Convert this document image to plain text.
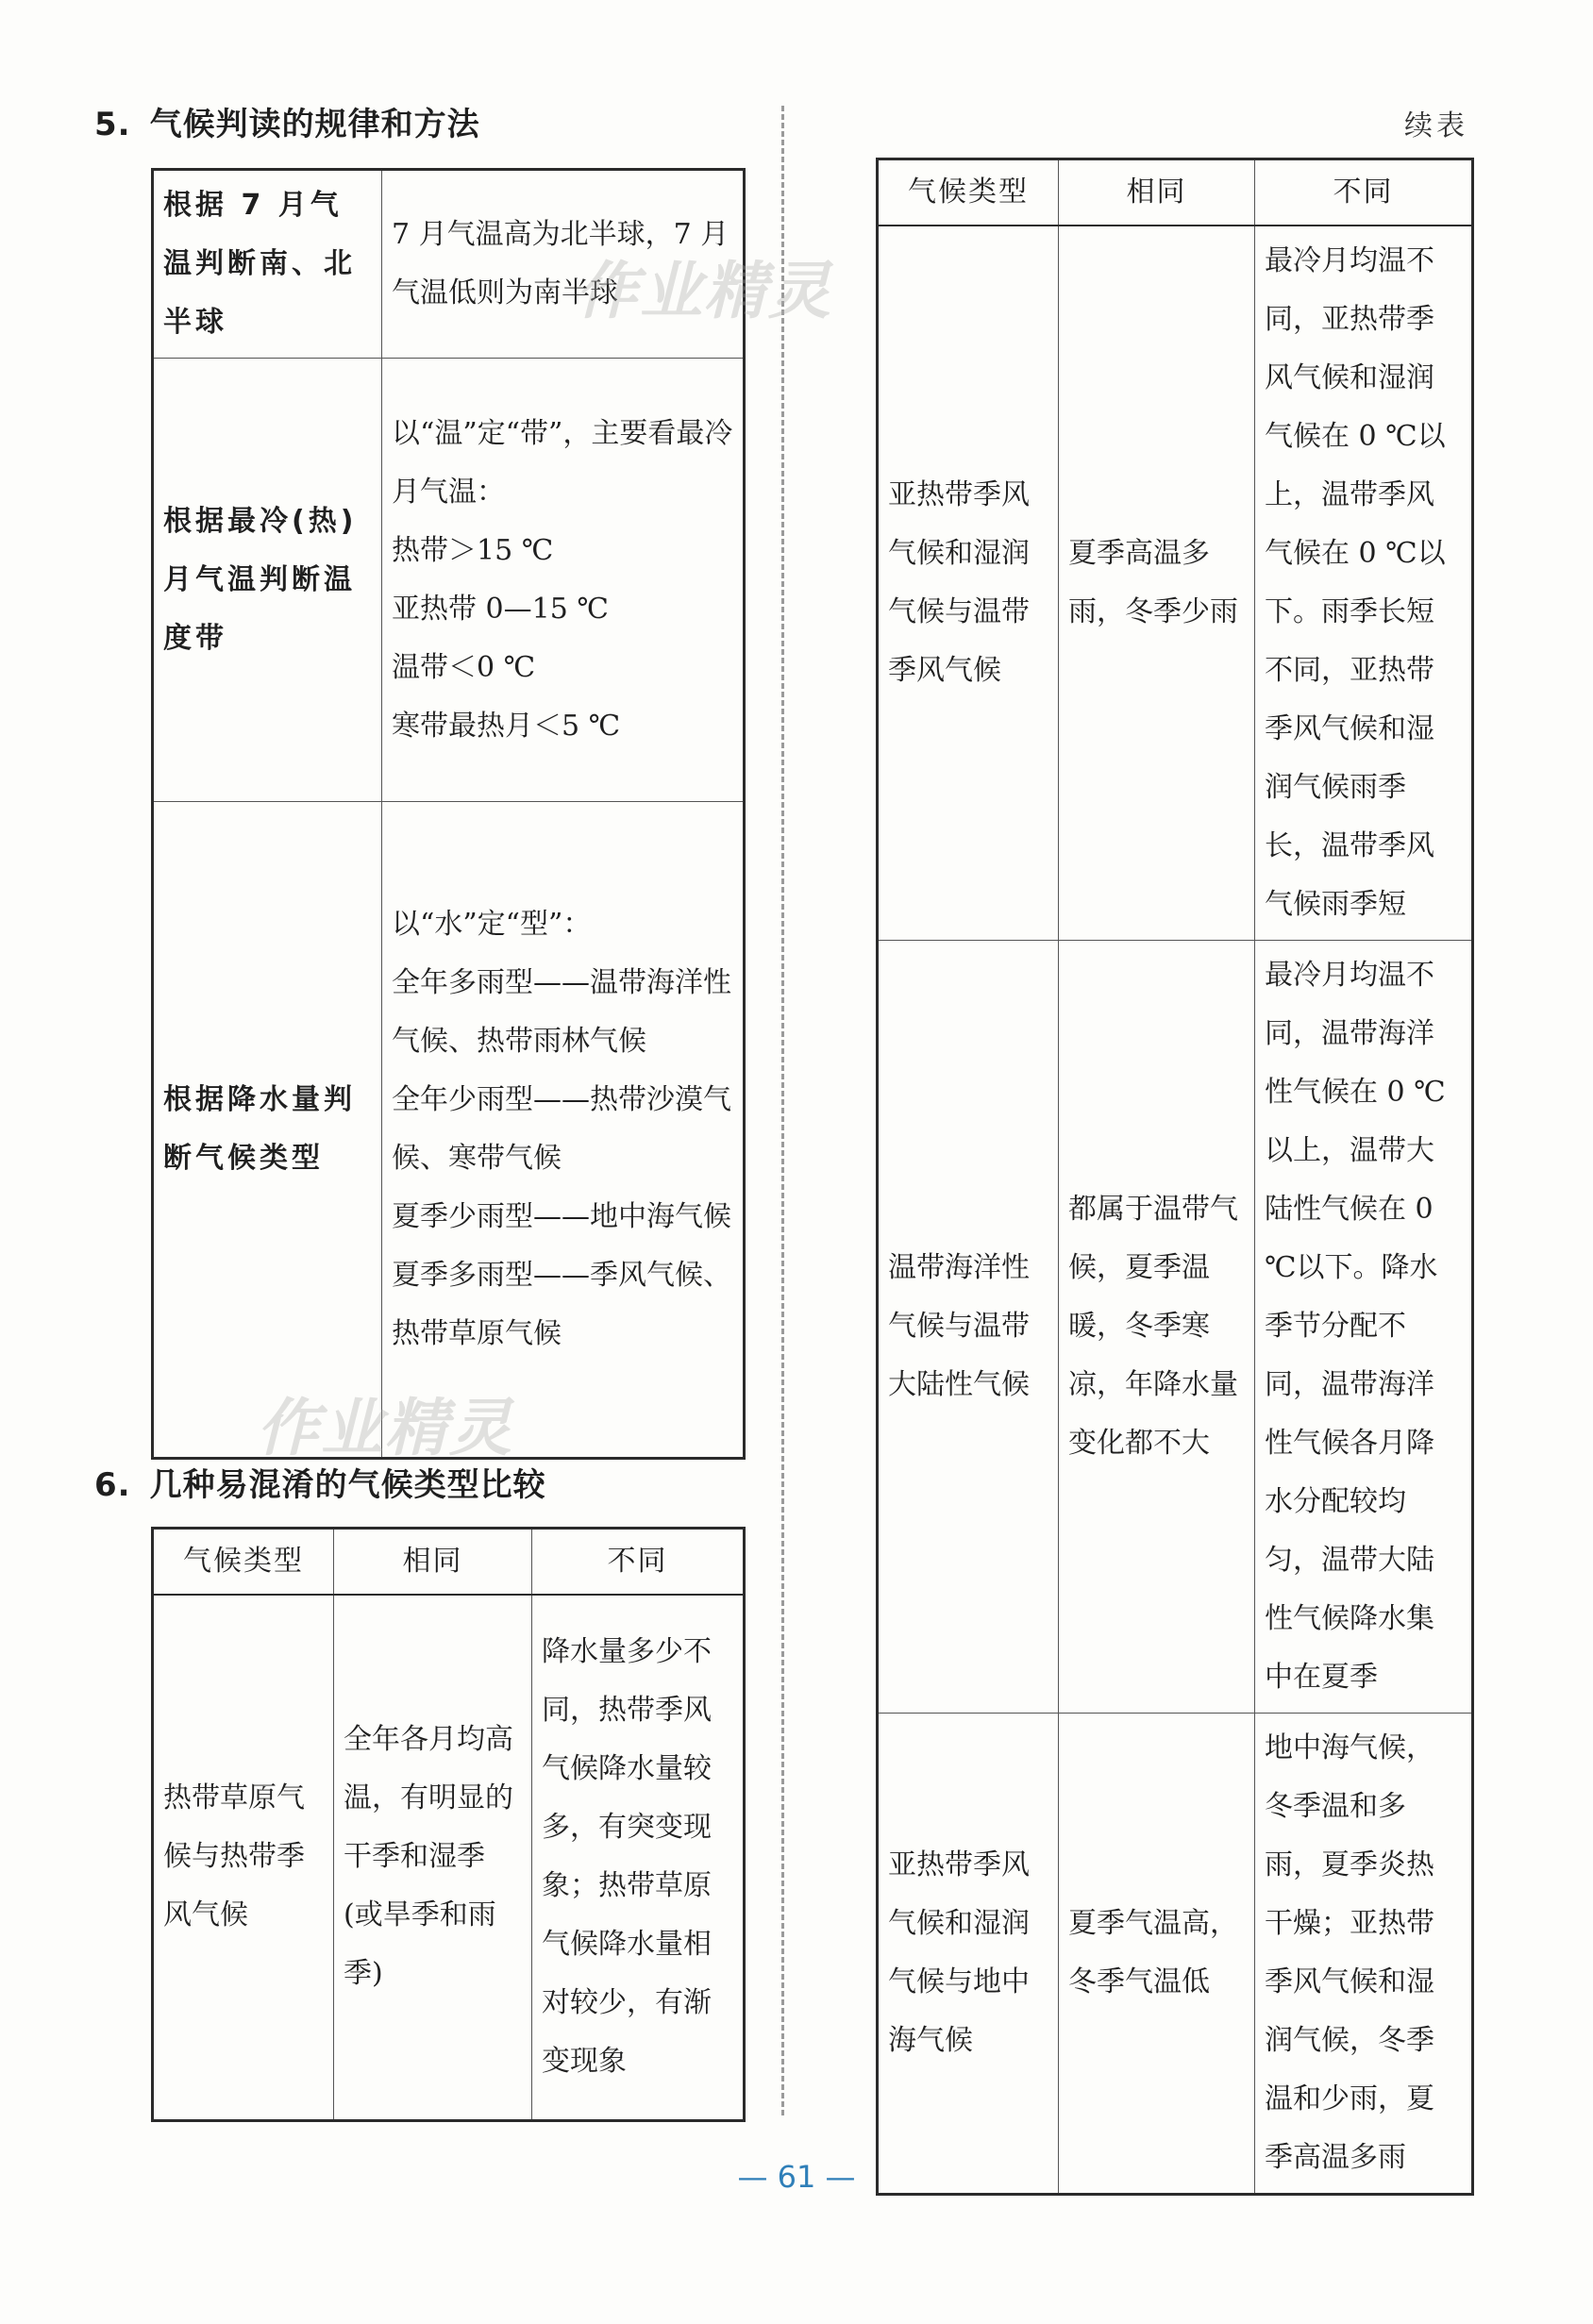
5. 气候判读的规律和方法
根据 7 月气温判断南、北半球	7 月气温高为北半球，7 月气温低则为南半球
根据最冷(热)月气温判断温度带	以“温”定“带”，主要看最冷月气温：
热带＞15 ℃
亚热带 0—15 ℃
温带＜0 ℃
寒带最热月＜5 ℃
根据降水量判断气候类型	以“水”定“型”：
全年多雨型——温带海洋性气候、热带雨林气候
全年少雨型——热带沙漠气候、寒带气候
夏季少雨型——地中海气候
夏季多雨型——季风气候、热带草原气候
6. 几种易混淆的气候类型比较
气候类型	相同	不同
热带草原气候与热带季风气候	全年各月均高温，有明显的干季和湿季(或旱季和雨季)	降水量多少不同，热带季风气候降水量较多，有突变现象；热带草原气候降水量相对较少，有渐变现象
续表
气候类型	相同	不同
亚热带季风气候和湿润气候与温带季风气候	夏季高温多雨，冬季少雨	最冷月均温不同，亚热带季风气候和湿润气候在 0 ℃以上，温带季风气候在 0 ℃以下。雨季长短不同，亚热带季风气候和湿润气候雨季长，温带季风气候雨季短
温带海洋性气候与温带大陆性气候	都属于温带气候，夏季温暖，冬季寒凉，年降水量变化都不大	最冷月均温不同，温带海洋性气候在 0 ℃以上，温带大陆性气候在 0 ℃以下。降水季节分配不同，温带海洋性气候各月降水分配较均匀，温带大陆性气候降水集中在夏季
亚热带季风气候和湿润气候与地中海气候	夏季气温高，冬季气温低	地中海气候，冬季温和多雨，夏季炎热干燥；亚热带季风气候和湿润气候，冬季温和少雨，夏季高温多雨
作业精灵
作业精灵
— 61 —
